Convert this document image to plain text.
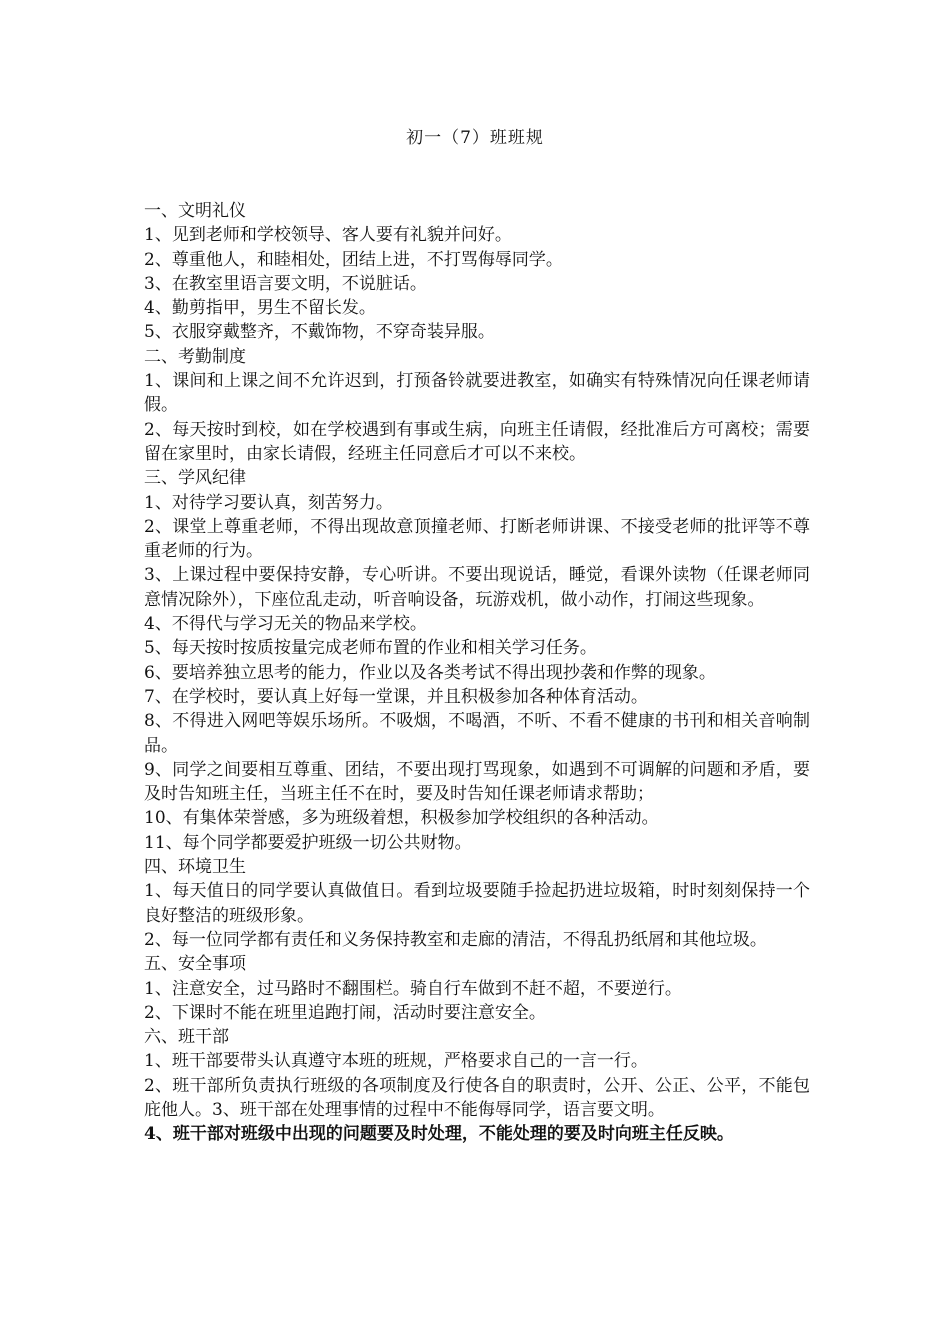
初一（7）班班规

一、文明礼仪

1、见到老师和学校领导、客人要有礼貌并问好。

2、尊重他人，和睦相处，团结上进，不打骂侮辱同学。

3、在教室里语言要文明，不说脏话。

4、勤剪指甲，男生不留长发。

5、衣服穿戴整齐，不戴饰物，不穿奇装异服。

二、考勤制度

1、课间和上课之间不允许迟到，打预备铃就要进教室，如确实有特殊情况向任课老师请假。

2、每天按时到校，如在学校遇到有事或生病，向班主任请假，经批准后方可离校；需要留在家里时，由家长请假，经班主任同意后才可以不来校。

三、学风纪律

1、对待学习要认真，刻苦努力。

2、课堂上尊重老师，不得出现故意顶撞老师、打断老师讲课、不接受老师的批评等不尊重老师的行为。

3、上课过程中要保持安静，专心听讲。不要出现说话，睡觉，看课外读物（任课老师同意情况除外），下座位乱走动，听音响设备，玩游戏机，做小动作，打闹这些现象。

4、不得代与学习无关的物品来学校。

5、每天按时按质按量完成老师布置的作业和相关学习任务。

6、要培养独立思考的能力，作业以及各类考试不得出现抄袭和作弊的现象。

7、在学校时，要认真上好每一堂课，并且积极参加各种体育活动。

8、不得进入网吧等娱乐场所。不吸烟，不喝酒，不听、不看不健康的书刊和相关音响制品。

9、同学之间要相互尊重、团结，不要出现打骂现象，如遇到不可调解的问题和矛盾，要及时告知班主任，当班主任不在时，要及时告知任课老师请求帮助；

10、有集体荣誉感，多为班级着想，积极参加学校组织的各种活动。

11、每个同学都要爱护班级一切公共财物。

四、环境卫生

1、每天值日的同学要认真做值日。看到垃圾要随手捡起扔进垃圾箱，时时刻刻保持一个良好整洁的班级形象。

2、每一位同学都有责任和义务保持教室和走廊的清洁，不得乱扔纸屑和其他垃圾。

五、安全事项

1、注意安全，过马路时不翻围栏。骑自行车做到不赶不超，不要逆行。

2、下课时不能在班里追跑打闹，活动时要注意安全。

六、班干部

1、班干部要带头认真遵守本班的班规，严格要求自己的一言一行。

2、班干部所负责执行班级的各项制度及行使各自的职责时，公开、公正、公平，不能包庇他人。3、班干部在处理事情的过程中不能侮辱同学，语言要文明。

4、班干部对班级中出现的问题要及时处理，不能处理的要及时向班主任反映。
